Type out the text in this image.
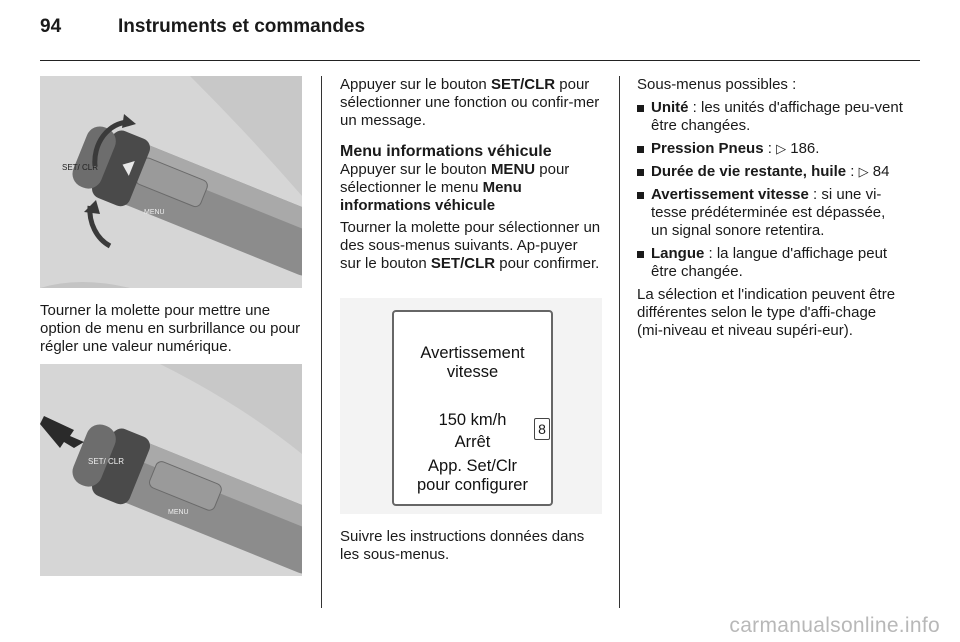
94	Instruments et commandes
SET/ CLR
MENU
SET/ CLR
MENU

Tourner la molette pour mettre une option de menu en surbrillance ou pour régler une valeur numérique.

Appuyer sur le bouton SET/CLR pour sélectionner une fonction ou confir-mer un message.

Menu informations véhicule

Appuyer sur le bouton MENU pour sélectionner le menu Menu informations véhicule

Tourner la molette pour sélectionner un des sous-menus suivants. Ap-puyer sur le bouton SET/CLR pour confirmer.

Avertissement
vitesse
150 km/h
Arrêt
App. Set/Clr
pour configurer
8

Suivre les instructions données dans les sous-menus.

Sous-menus possibles :

Unité : les unités d'affichage peu-vent être changées.
Pression Pneus : ▷ 186.
Durée de vie restante, huile : ▷ 84
Avertissement vitesse : si une vi-tesse prédéterminée est dépassée, un signal sonore retentira.
Langue : la langue d'affichage peut être changée.

La sélection et l'indication peuvent être différentes selon le type d'affi-chage (mi-niveau et niveau supéri-eur).

carmanualsonline.info
